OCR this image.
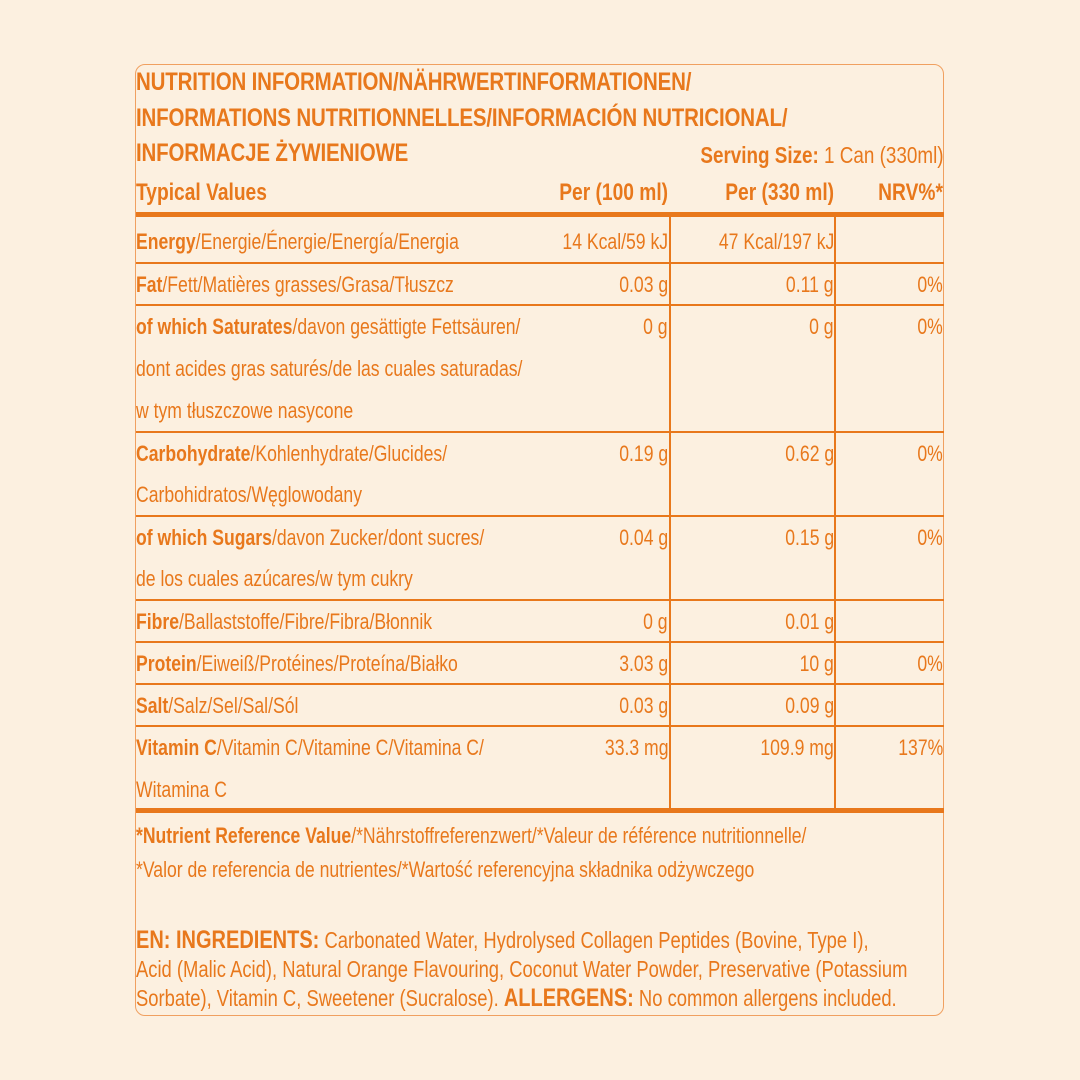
NUTRITION INFORMATION/NÄHRWERTINFORMATIONEN/
INFORMATIONS NUTRITIONNELLES/INFORMACIÓN NUTRICIONAL/
INFORMACJE ŻYWIENIOWE	Serving Size: 1 Can (330ml)
Typical Values	Per (100 ml) Per (330 ml) NRV%*
Energy/Energie/Énergie/Energía/Energia	14 Kcal/59 kJ 47 Kcal/197 kJ
Fat/Fett/Matières grasses/Grasa/Tłuszcz	0.03 g	0.11 g	0%
of which Saturates/davon gesättigte Fettsäuren/
dont acides gras saturés/de las cuales saturadas/
w tym tłuszczowe nasycone
0 g	0 g	0%
Carbohydrate/Kohlenhydrate/Glucides/
Carbohidratos/Węglowodany
0.19 g	0.62 g	0%
of which Sugars/davon Zucker/dont sucres/
de los cuales azúcares/w tym cukry
0.04 g	0.15 g	0%
Fibre/Ballaststoffe/Fibre/Fibra/Błonnik	0 g	0.01 g
Protein/Eiweiß/Protéines/Proteína/Białko	3.03 g	10 g	0%
Salt/Salz/Sel/Sal/Sól	0.03 g	0.09 g
Vitamin C/Vitamin C/Vitamine C/Vitamina C/
Witamina C
33.3 mg	109.9 mg	137%
*Nutrient Reference Value/*Nährstoffreferenzwert/*Valeur de référence nutritionnelle/
*Valor de referencia de nutrientes/*Wartość referencyjna składnika odżywczego
EN: INGREDIENTS: Carbonated Water, Hydrolysed Collagen Peptides (Bovine, Type I),
Acid (Malic Acid), Natural Orange Flavouring, Coconut Water Powder, Preservative (Potassium
Sorbate), Vitamin C, Sweetener (Sucralose). ALLERGENS: No common allergens included.
